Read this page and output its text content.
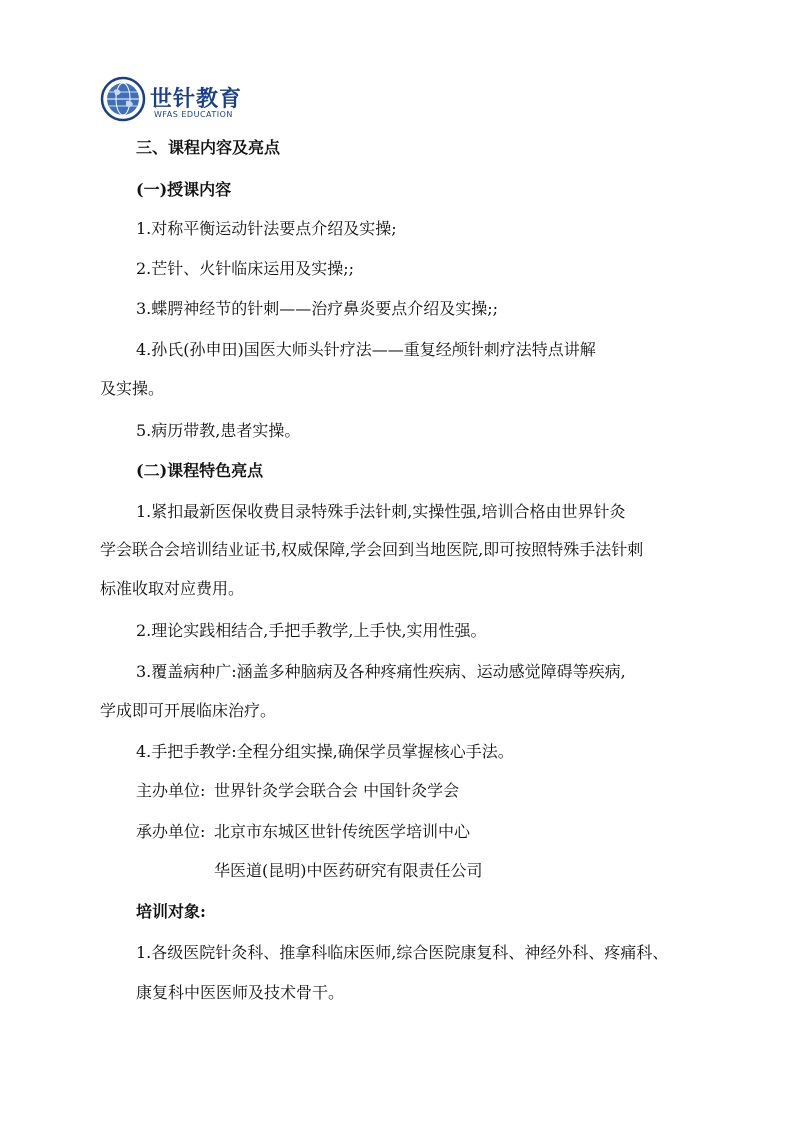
世针教育
WFAS EDUCATION
三、课程内容及亮点
(一)授课内容
1.对称平衡运动针法要点介绍及实操;
2.芒针、火针临床运用及实操;;
3.蝶腭神经节的针刺——治疗鼻炎要点介绍及实操;;
4.孙氏(孙申田)国医大师头针疗法——重复经颅针刺疗法特点讲解
及实操。
5.病历带教,患者实操。
(二)课程特色亮点
1.紧扣最新医保收费目录特殊手法针刺,实操性强,培训合格由世界针灸
学会联合会培训结业证书,权威保障,学会回到当地医院,即可按照特殊手法针刺
标准收取对应费用。
2.理论实践相结合,手把手教学,上手快,实用性强。
3.覆盖病种广:涵盖多种脑病及各种疼痛性疾病、运动感觉障碍等疾病,
学成即可开展临床治疗。
4.手把手教学:全程分组实操,确保学员掌握核心手法。
主办单位: 世界针灸学会联合会 中国针灸学会
承办单位: 北京市东城区世针传统医学培训中心
华医道(昆明)中医药研究有限责任公司
培训对象:
1.各级医院针灸科、推拿科临床医师,综合医院康复科、神经外科、疼痛科、
康复科中医医师及技术骨干。
